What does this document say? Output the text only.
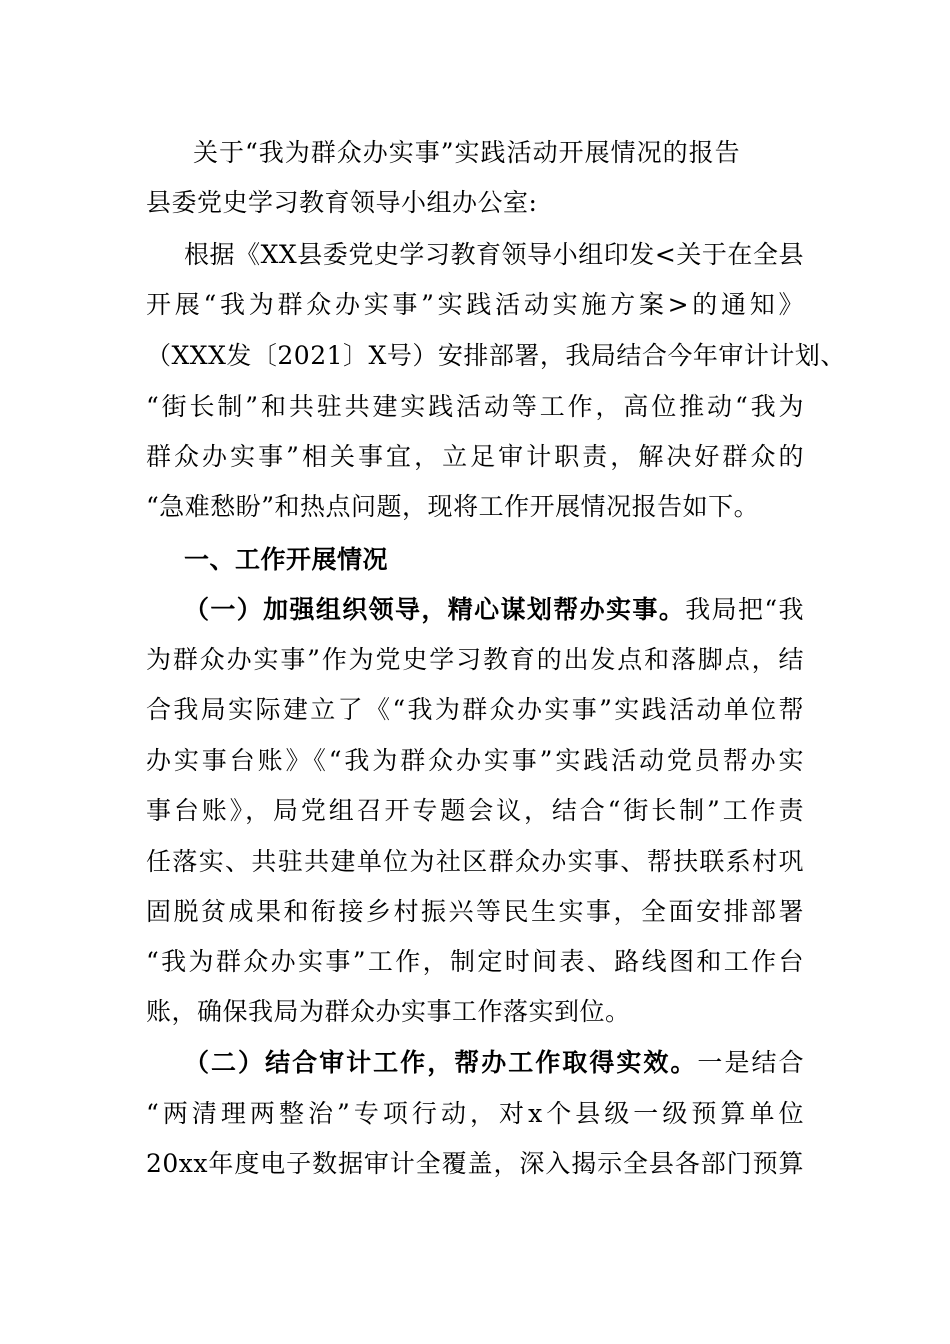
关于“我为群众办实事”实践活动开展情况的报告
县委党史学习教育领导小组办公室:
根据《XX县委党史学习教育领导小组印发<关于在全县
开展“我为群众办实事”实践活动实施方案>的通知》
（XXX发〔2021〕X号）安排部署，我局结合今年审计计划、
“街长制”和共驻共建实践活动等工作，高位推动“我为
群众办实事”相关事宜，立足审计职责，解决好群众的
“急难愁盼”和热点问题，现将工作开展情况报告如下。
一、工作开展情况
（一）加强组织领导，精心谋划帮办实事。我局把“我
为群众办实事”作为党史学习教育的出发点和落脚点，结
合我局实际建立了《“我为群众办实事”实践活动单位帮
办实事台账》《“我为群众办实事”实践活动党员帮办实
事台账》，局党组召开专题会议，结合“街长制”工作责
任落实、共驻共建单位为社区群众办实事、帮扶联系村巩
固脱贫成果和衔接乡村振兴等民生实事，全面安排部署
“我为群众办实事”工作，制定时间表、路线图和工作台
账，确保我局为群众办实事工作落实到位。
（二）结合审计工作，帮办工作取得实效。一是结合
“两清理两整治”专项行动，对x个县级一级预算单位
20xx年度电子数据审计全覆盖，深入揭示全县各部门预算
